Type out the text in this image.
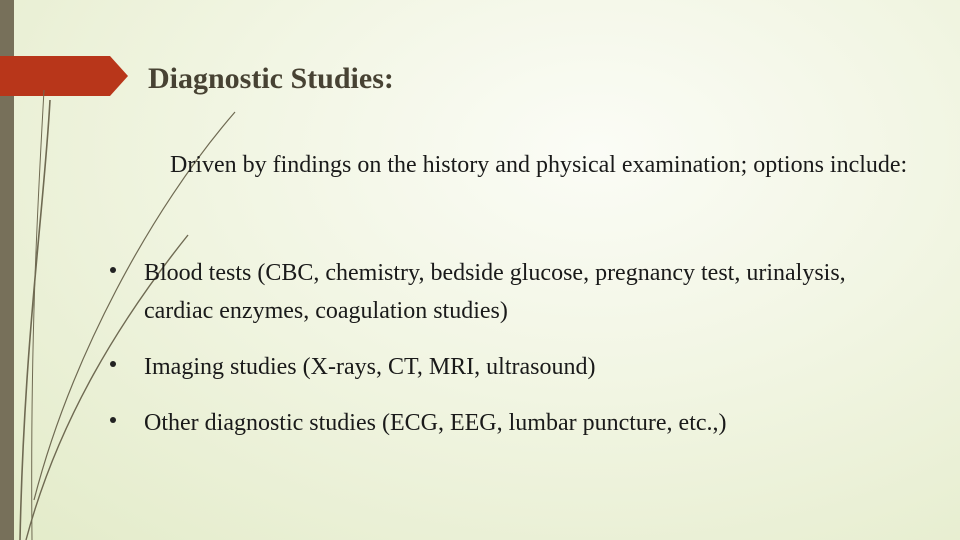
Diagnostic Studies:

Driven by findings on the history and physical examination; options include:

Blood tests (CBC, chemistry, bedside glucose, pregnancy test, urinalysis, cardiac enzymes, coagulation studies)
Imaging studies (X-rays, CT, MRI, ultrasound)
Other diagnostic studies (ECG, EEG, lumbar puncture, etc.,)
